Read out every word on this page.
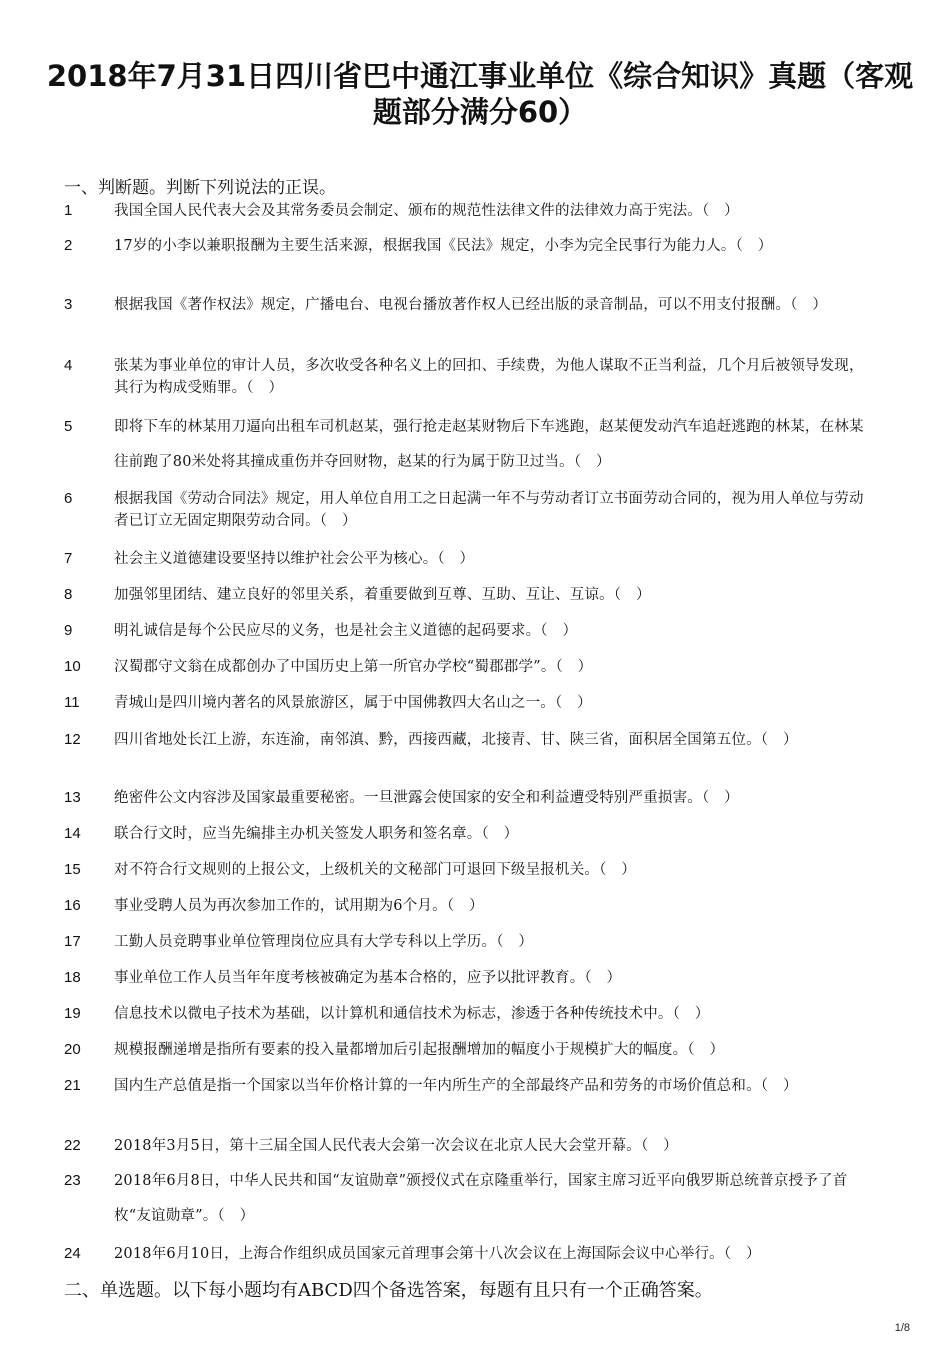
2018年7月31日四川省巴中通江事业单位《综合知识》真题（客观题部分满分60）
一、判断题。判断下列说法的正误。
1	我国全国人民代表大会及其常务委员会制定、颁布的规范性法律文件的法律效力高于宪法。（　）
2	17岁的小李以兼职报酬为主要生活来源，根据我国《民法》规定，小李为完全民事行为能力人。（　）
3	根据我国《著作权法》规定，广播电台、电视台播放著作权人已经出版的录音制品，可以不用支付报酬。（　）
4	张某为事业单位的审计人员，多次收受各种名义上的回扣、手续费，为他人谋取不正当利益，几个月后被领导发现，其行为构成受贿罪。（　）
5	即将下车的林某用刀逼向出租车司机赵某，强行抢走赵某财物后下车逃跑，赵某便发动汽车追赶逃跑的林某，在林某往前跑了80米处将其撞成重伤并夺回财物，赵某的行为属于防卫过当。（　）
6	根据我国《劳动合同法》规定，用人单位自用工之日起满一年不与劳动者订立书面劳动合同的，视为用人单位与劳动者已订立无固定期限劳动合同。（　）
7	社会主义道德建设要坚持以维护社会公平为核心。（　）
8	加强邻里团结、建立良好的邻里关系，着重要做到互尊、互助、互让、互谅。（　）
9	明礼诚信是每个公民应尽的义务，也是社会主义道德的起码要求。（　）
10	汉蜀郡守文翁在成都创办了中国历史上第一所官办学校“蜀郡郡学”。（　）
11	青城山是四川境内著名的风景旅游区，属于中国佛教四大名山之一。（　）
12	四川省地处长江上游，东连渝，南邻滇、黔，西接西藏，北接青、甘、陕三省，面积居全国第五位。（　）
13	绝密件公文内容涉及国家最重要秘密。一旦泄露会使国家的安全和利益遭受特别严重损害。（　）
14	联合行文时，应当先编排主办机关签发人职务和签名章。（　）
15	对不符合行文规则的上报公文，上级机关的文秘部门可退回下级呈报机关。（　）
16	事业受聘人员为再次参加工作的，试用期为6个月。（　）
17	工勤人员竞聘事业单位管理岗位应具有大学专科以上学历。（　）
18	事业单位工作人员当年年度考核被确定为基本合格的，应予以批评教育。（　）
19	信息技术以微电子技术为基础，以计算机和通信技术为标志，渗透于各种传统技术中。（　）
20	规模报酬递增是指所有要素的投入量都增加后引起报酬增加的幅度小于规模扩大的幅度。（　）
21	国内生产总值是指一个国家以当年价格计算的一年内所生产的全部最终产品和劳务的市场价值总和。（　）
22	2018年3月5日，第十三届全国人民代表大会第一次会议在北京人民大会堂开幕。（　）
23	2018年6月8日，中华人民共和国“友谊勋章”颁授仪式在京隆重举行，国家主席习近平向俄罗斯总统普京授予了首枚“友谊勋章”。（　）
24	2018年6月10日，上海合作组织成员国家元首理事会第十八次会议在上海国际会议中心举行。（　）
二、单选题。以下每小题均有ABCD四个备选答案，每题有且只有一个正确答案。
1/8
